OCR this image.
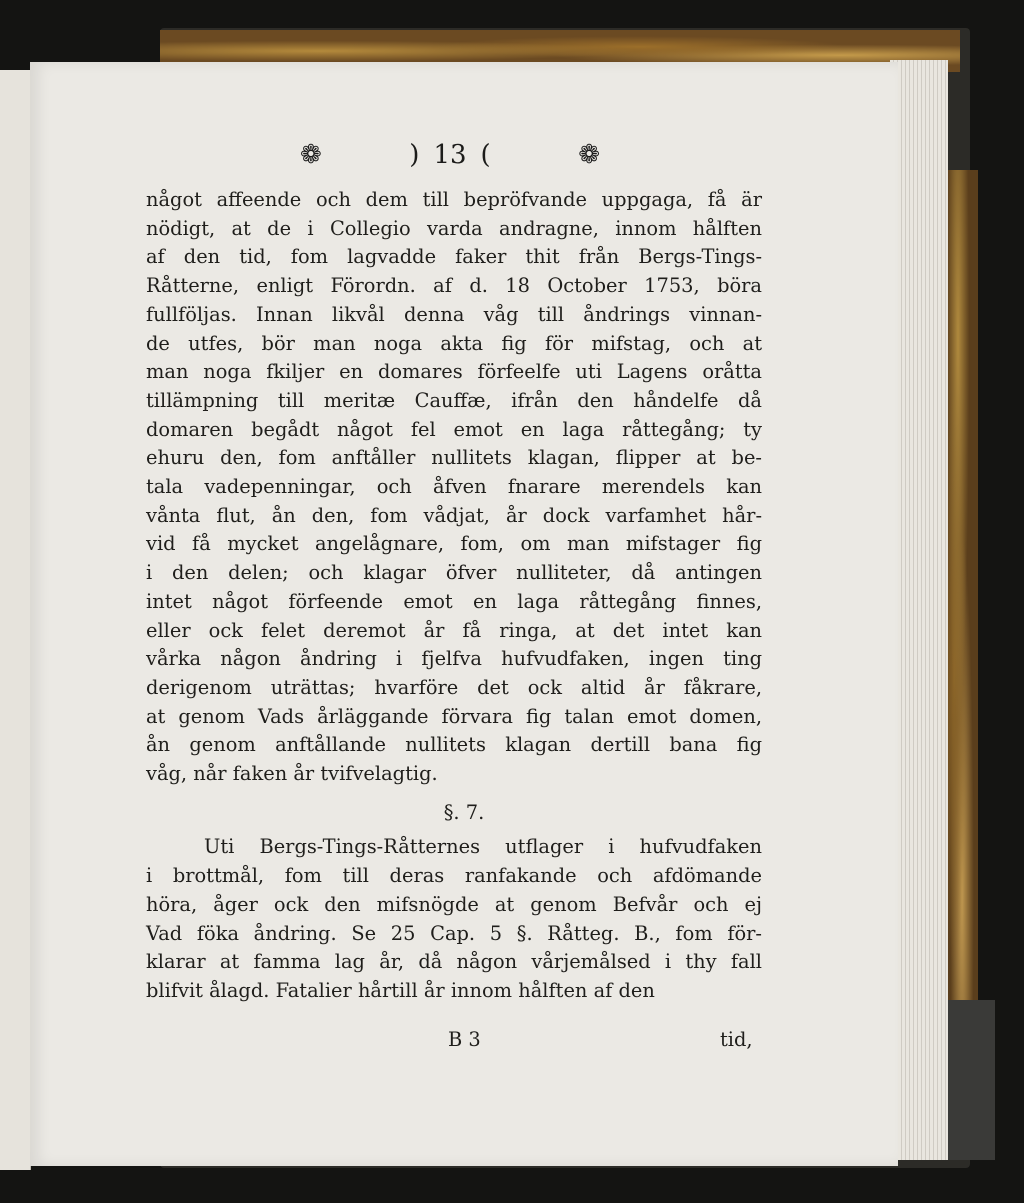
❁	) 13 (	❁
något affeende och dem till bepröfvande uppgaga, få är
nödigt, at de i Collegio varda andragne, innom hålften
af den tid, fom lagvadde faker thit från Bergs-Tings-
Råtterne, enligt Förordn. af d. 18 October 1753, böra
fullföljas. Innan likvål denna våg till åndrings vinnan-
de utfes, bör man noga akta fig för mifstag, och at
man noga fkiljer en domares förfeelfe uti Lagens oråtta
tillämpning till meritæ Cauffæ, ifrån den håndelfe då
domaren begådt något fel emot en laga råttegång; ty
ehuru den, fom anftåller nullitets klagan, flipper at be-
tala vadepenningar, och åfven fnarare merendels kan
vånta flut, ån den, fom vådjat, år dock varfamhet hår-
vid få mycket angelågnare, fom, om man mifstager fig
i den delen; och klagar öfver nulliteter, då antingen
intet något förfeende emot en laga råttegång finnes,
eller ock felet deremot år få ringa, at det intet kan
vårka någon åndring i fjelfva hufvudfaken, ingen ting
derigenom uträttas; hvarföre det ock altid år fåkrare,
at genom Vads årläggande förvara fig talan emot domen,
ån genom anftållande nullitets klagan dertill bana fig
våg, når faken år tvifvelagtig.
§. 7.
Uti Bergs-Tings-Råtternes utflager i hufvudfaken
i brottmål, fom till deras ranfakande och afdömande
höra, åger ock den mifsnögde at genom Befvår och ej
Vad föka åndring. Se 25 Cap. 5 §. Råtteg. B., fom för-
klarar at famma lag år, då någon vårjemålsed i thy fall
blifvit ålagd. Fatalier hårtill år innom hålften af den
B 3	tid,
